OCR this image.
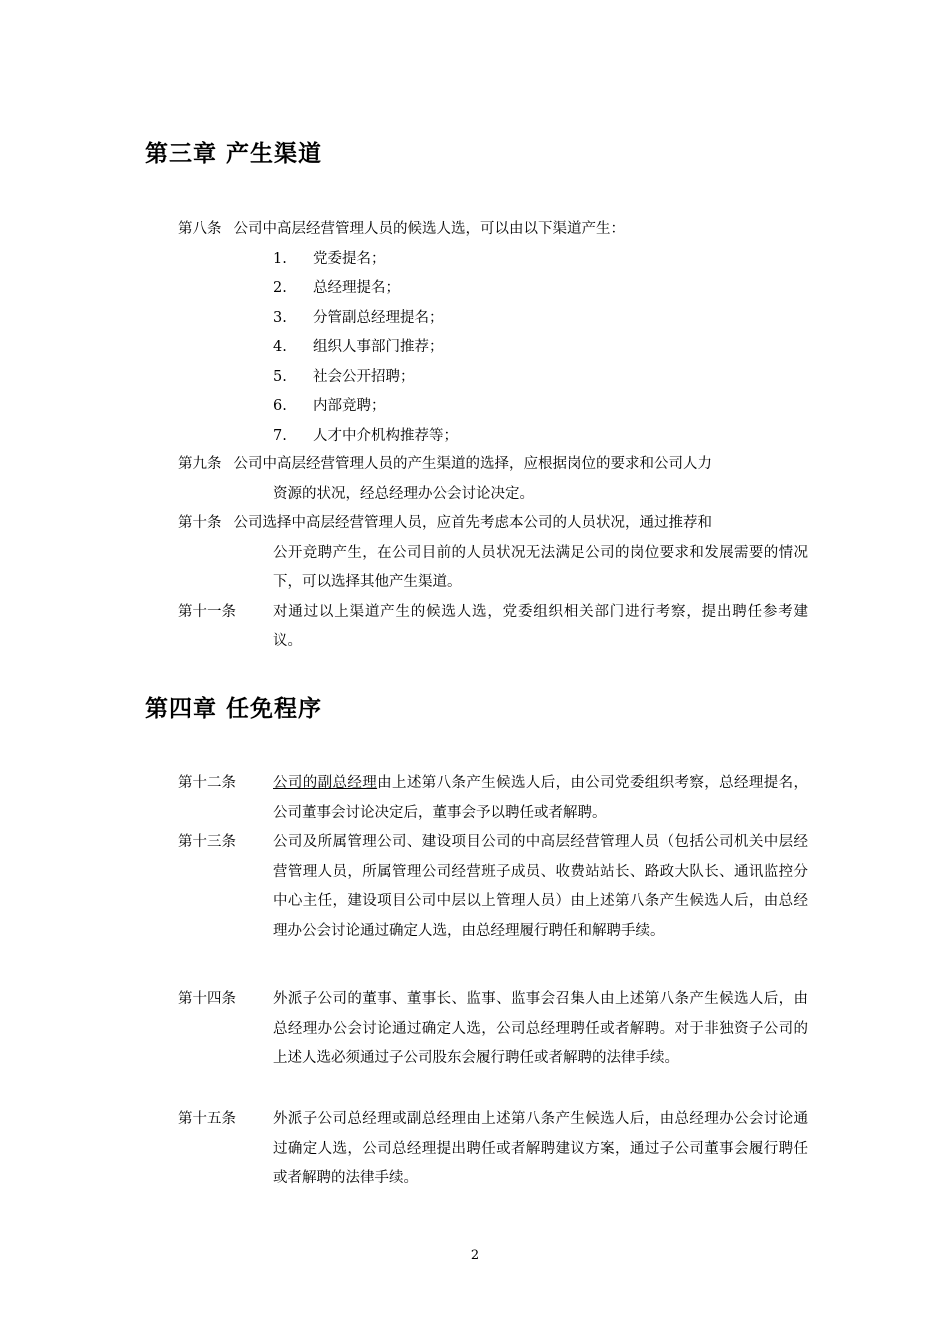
第三章 产生渠道
第八条 公司中高层经营管理人员的候选人选，可以由以下渠道产生：
1. 党委提名；
2. 总经理提名；
3. 分管副总经理提名；
4. 组织人事部门推荐；
5. 社会公开招聘；
6. 内部竞聘；
7. 人才中介机构推荐等；
第九条 公司中高层经营管理人员的产生渠道的选择，应根据岗位的要求和公司人力
资源的状况，经总经理办公会讨论决定。
第十条 公司选择中高层经营管理人员，应首先考虑本公司的人员状况，通过推荐和
公开竞聘产生，在公司目前的人员状况无法满足公司的岗位要求和发展需要的情况下，可以选择其他产生渠道。
第十一条	对通过以上渠道产生的候选人选，党委组织相关部门进行考察，提出聘任参考建议。
第四章 任免程序
第十二条	公司的副总经理由上述第八条产生候选人后，由公司党委组织考察，总经理提名，公司董事会讨论决定后，董事会予以聘任或者解聘。
第十三条	公司及所属管理公司、建设项目公司的中高层经营管理人员（包括公司机关中层经营管理人员，所属管理公司经营班子成员、收费站站长、路政大队长、通讯监控分中心主任，建设项目公司中层以上管理人员）由上述第八条产生候选人后，由总经理办公会讨论通过确定人选，由总经理履行聘任和解聘手续。
第十四条	外派子公司的董事、董事长、监事、监事会召集人由上述第八条产生候选人后，由总经理办公会讨论通过确定人选，公司总经理聘任或者解聘。对于非独资子公司的上述人选必须通过子公司股东会履行聘任或者解聘的法律手续。
第十五条	外派子公司总经理或副总经理由上述第八条产生候选人后，由总经理办公会讨论通过确定人选，公司总经理提出聘任或者解聘建议方案，通过子公司董事会履行聘任或者解聘的法律手续。
2
